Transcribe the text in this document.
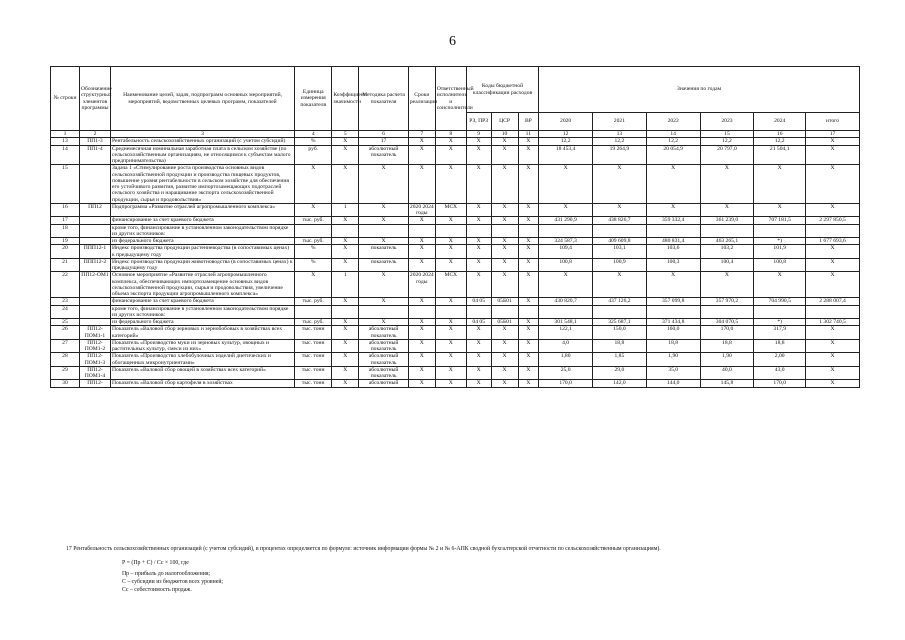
6
№ строки	Обозначение структурных элементов программы	Наименование целей, задач, подпрограмм основных мероприятий, мероприятий, ведомственных целевых программ, показателей	Единица измерения показателя	Коэффициент значимости	Методика расчета показателя	Сроки реализации	Ответственный исполнитель и соисполнители	Коды бюджетной классификации расходов			Значения по годам					
								РЗ, ПРЗ	ЦСР	ВР	2020	2021	2022	2023	2024	итого
1	2	3	4	5	6	7	8	9	10	11	12	13	14	15	16	17
13	ПП1-3	Рентабельность сельскохозяйственных организаций (с учетом субсидий)	%	X	17	X	X	X	X	X	12,2	12,2	12,2	12,2	12,2	X
14	ПП1-4	Среднемесячная номинальная заработная плата в сельском хозяйстве (по сельскохозяйственным организациям, не относящимся к субъектам малого предпринимательства)	руб.	X	абсолютный показатель	X	X	X	X	X	18 453,4	19 264,9	20 054,9	20 797,0	21 504,1	X
15		Задача 1 «Стимулирование роста производства основных видов сельскохозяйственной продукции и производства пищевых продуктов, повышение уровня рентабельности в сельском хозяйстве для обеспечения его устойчивого развития, развитие импортозамещающих подотраслей сельского хозяйства и наращивание экспорта сельскохозяйственной продукции, сырья и продовольствия»	X	X	X	X	X	X	X	X	X	X	X	X	X	X
16	ПП12	Подпрограмма «Развитие отраслей агропромышленного комплекса»	X	1	X	2020 2024 годы	МСХ	X	X	X	X	X	X	X	X	X
17		финансирование за счет краевого бюджета	тыс. руб.	X	X	X	X	X	X	X	431 290,9	438 826,7	359 332,4	361 239,0	707 181,5	2 297 850,5
18		кроме того, финансирование в установленном законодательством порядке из других источников:														
19		из федерального бюджета	тыс. руб.	X	X	X	X	X	X	X	324 587,3	409 609,8	480 831,4	463 265,1	*)	1 677 693,6
20	ППП12-1	Индекс производства продукции растениеводства (в сопоставимых ценах) к предыдущему году	%	X	показатель	X	X	X	X	X	109,4	103,1	103,6	103,2	101,9	X
21	ППП12-2	Индекс производства продукции животноводства (в сопоставимых ценах) к предыдущему году	%	X	показатель	X	X	X	X	X	100,8	100,9	100,3	100,4	100,8	X
22	ПП12-ОМ1	Основное мероприятие «Развитие отраслей агропромышленного комплекса, обеспечивающих импортозамещение основных видов сельскохозяйственной продукции, сырья и продовольствия, увеличение объема экспорта продукции агропромышленного комплекса»	X	1	X	2020 2024 годы	МСХ	X	X	X	X	X	X	X	X	X
23		финансирование за счет краевого бюджета	тыс. руб.	X	X	X	X	04 05	05Б01	X	430 820,7	437 126,2	357 099,8	357 970,2	704 990,5	2 288 007,4
24		кроме того, финансирование в установленном законодательством порядке из других источников:														
25		из федерального бюджета	тыс. руб.	X	X	X	X	04 05	05Б01	X	301 548,1	325 687,1	371 434,8	304 070,5	*)	1 302 740,5
26	ПП12-ПОМ1-1	Показатель «Валовой сбор зерновых и зернобобовых в хозяйствах всех категорий»	тыс. тонн	X	абсолютный показатель	X	X	X	X	X	122,1	150,0	160,0	170,0	317,9	X
27	ПП12-ПОМ1-2	Показатель «Производство муки из зерновых культур, овощных и растительных культур, смеси из них»	тыс. тонн	X	абсолютный показатель	X	X	X	X	X	4,0	18,8	18,8	18,8	18,8	X
28	ПП12-ПОМ1-3	Показатель «Производство хлебобулочных изделий диетических и обогащенных микронутриентами»	тыс. тонн	X	абсолютный показатель	X	X	X	X	X	1,80	1,85	1,90	1,90	2,00	X
29	ПП12-ПОМ1-4	Показатель «Валовой сбор овощей в хозяйствах всех категорий»	тыс. тонн	X	абсолютный показатель	X	X	X	X	X	25,0	29,0	35,0	40,0	43,0	X
30	ПП12-	Показатель «Валовой сбор картофеля в хозяйствах	тыс. тонн	X	абсолютный	X	X	X	X	X	170,0	142,0	144,0	145,8	170,0	X
17 Рентабельность сельскохозяйственных организаций (с учетом субсидий), в процентах определяется по формуле: источник информации формы № 2 и № 6-АПК сводной бухгалтерской отчетности по сельскохозяйственным организациям).
Р = (Пр + С) / Сс × 100, где
Пр – прибыль до налогообложения;
С – субсидии из бюджетов всех уровней;
Сс – себестоимость продаж.
